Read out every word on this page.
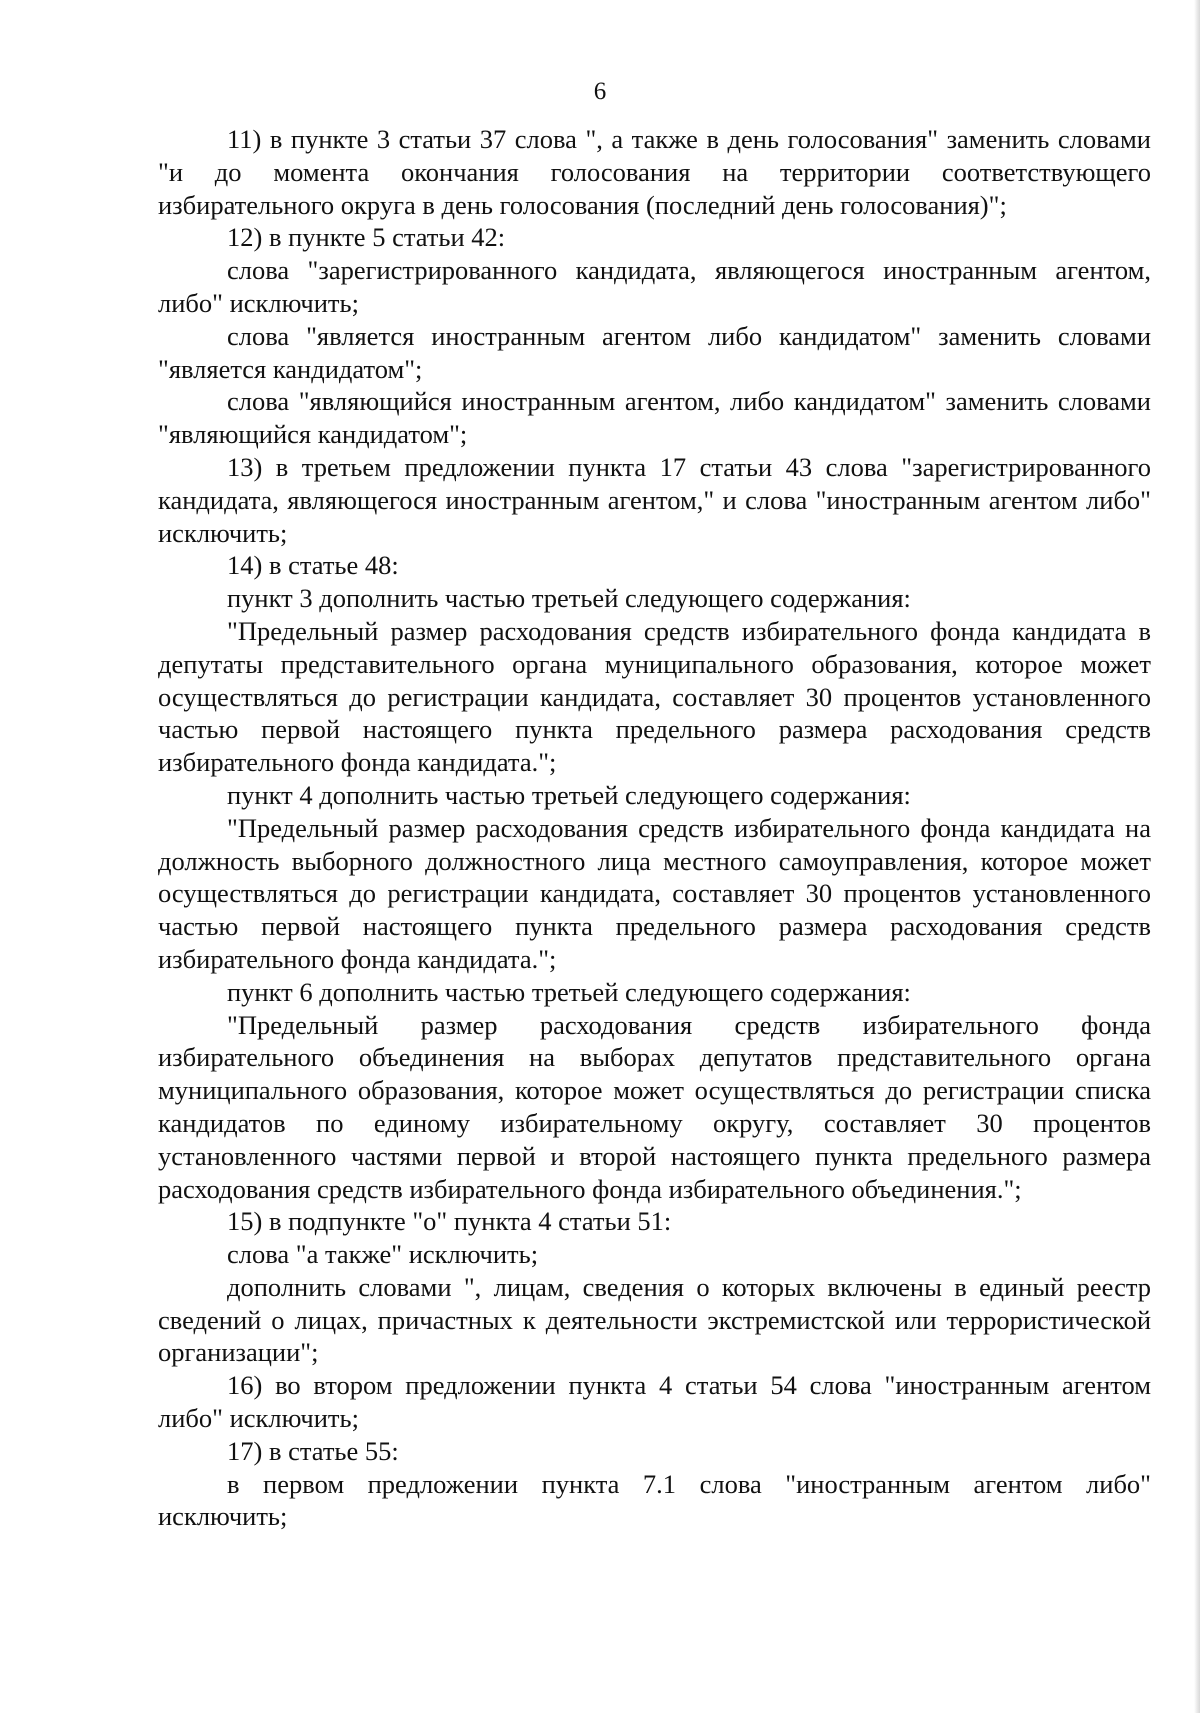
6

11) в пункте 3 статьи 37 слова ", а также в день голосования" заменить словами "и до момента окончания голосования на территории соответствующего избирательного округа в день голосования (последний день голосования)";

12) в пункте 5 статьи 42:

слова "зарегистрированного кандидата, являющегося иностранным агентом, либо" исключить;

слова "является иностранным агентом либо кандидатом" заменить словами "является кандидатом";

слова "являющийся иностранным агентом, либо кандидатом" заменить словами "являющийся кандидатом";

13) в третьем предложении пункта 17 статьи 43 слова "зарегистрированного кандидата, являющегося иностранным агентом," и слова "иностранным агентом либо" исключить;

14) в статье 48:

пункт 3 дополнить частью третьей следующего содержания:

"Предельный размер расходования средств избирательного фонда кандидата в депутаты представительного органа муниципального образования, которое может осуществляться до регистрации кандидата, составляет 30 процентов установленного частью первой настоящего пункта предельного размера расходования средств избирательного фонда кандидата.";

пункт 4 дополнить частью третьей следующего содержания:

"Предельный размер расходования средств избирательного фонда кандидата на должность выборного должностного лица местного самоуправления, которое может осуществляться до регистрации кандидата, составляет 30 процентов установленного частью первой настоящего пункта предельного размера расходования средств избирательного фонда кандидата.";

пункт 6 дополнить частью третьей следующего содержания:

"Предельный размер расходования средств избирательного фонда избирательного объединения на выборах депутатов представительного органа муниципального образования, которое может осуществляться до регистрации списка кандидатов по единому избирательному округу, составляет 30 процентов установленного частями первой и второй настоящего пункта предельного размера расходования средств избирательного фонда избирательного объединения.";

15) в подпункте "о" пункта 4 статьи 51:

слова "а также" исключить;

дополнить словами ", лицам, сведения о которых включены в единый реестр сведений о лицах, причастных к деятельности экстремистской или террористической организации";

16) во втором предложении пункта 4 статьи 54 слова "иностранным агентом либо" исключить;

17) в статье 55:

в первом предложении пункта 7.1 слова "иностранным агентом либо" исключить;
